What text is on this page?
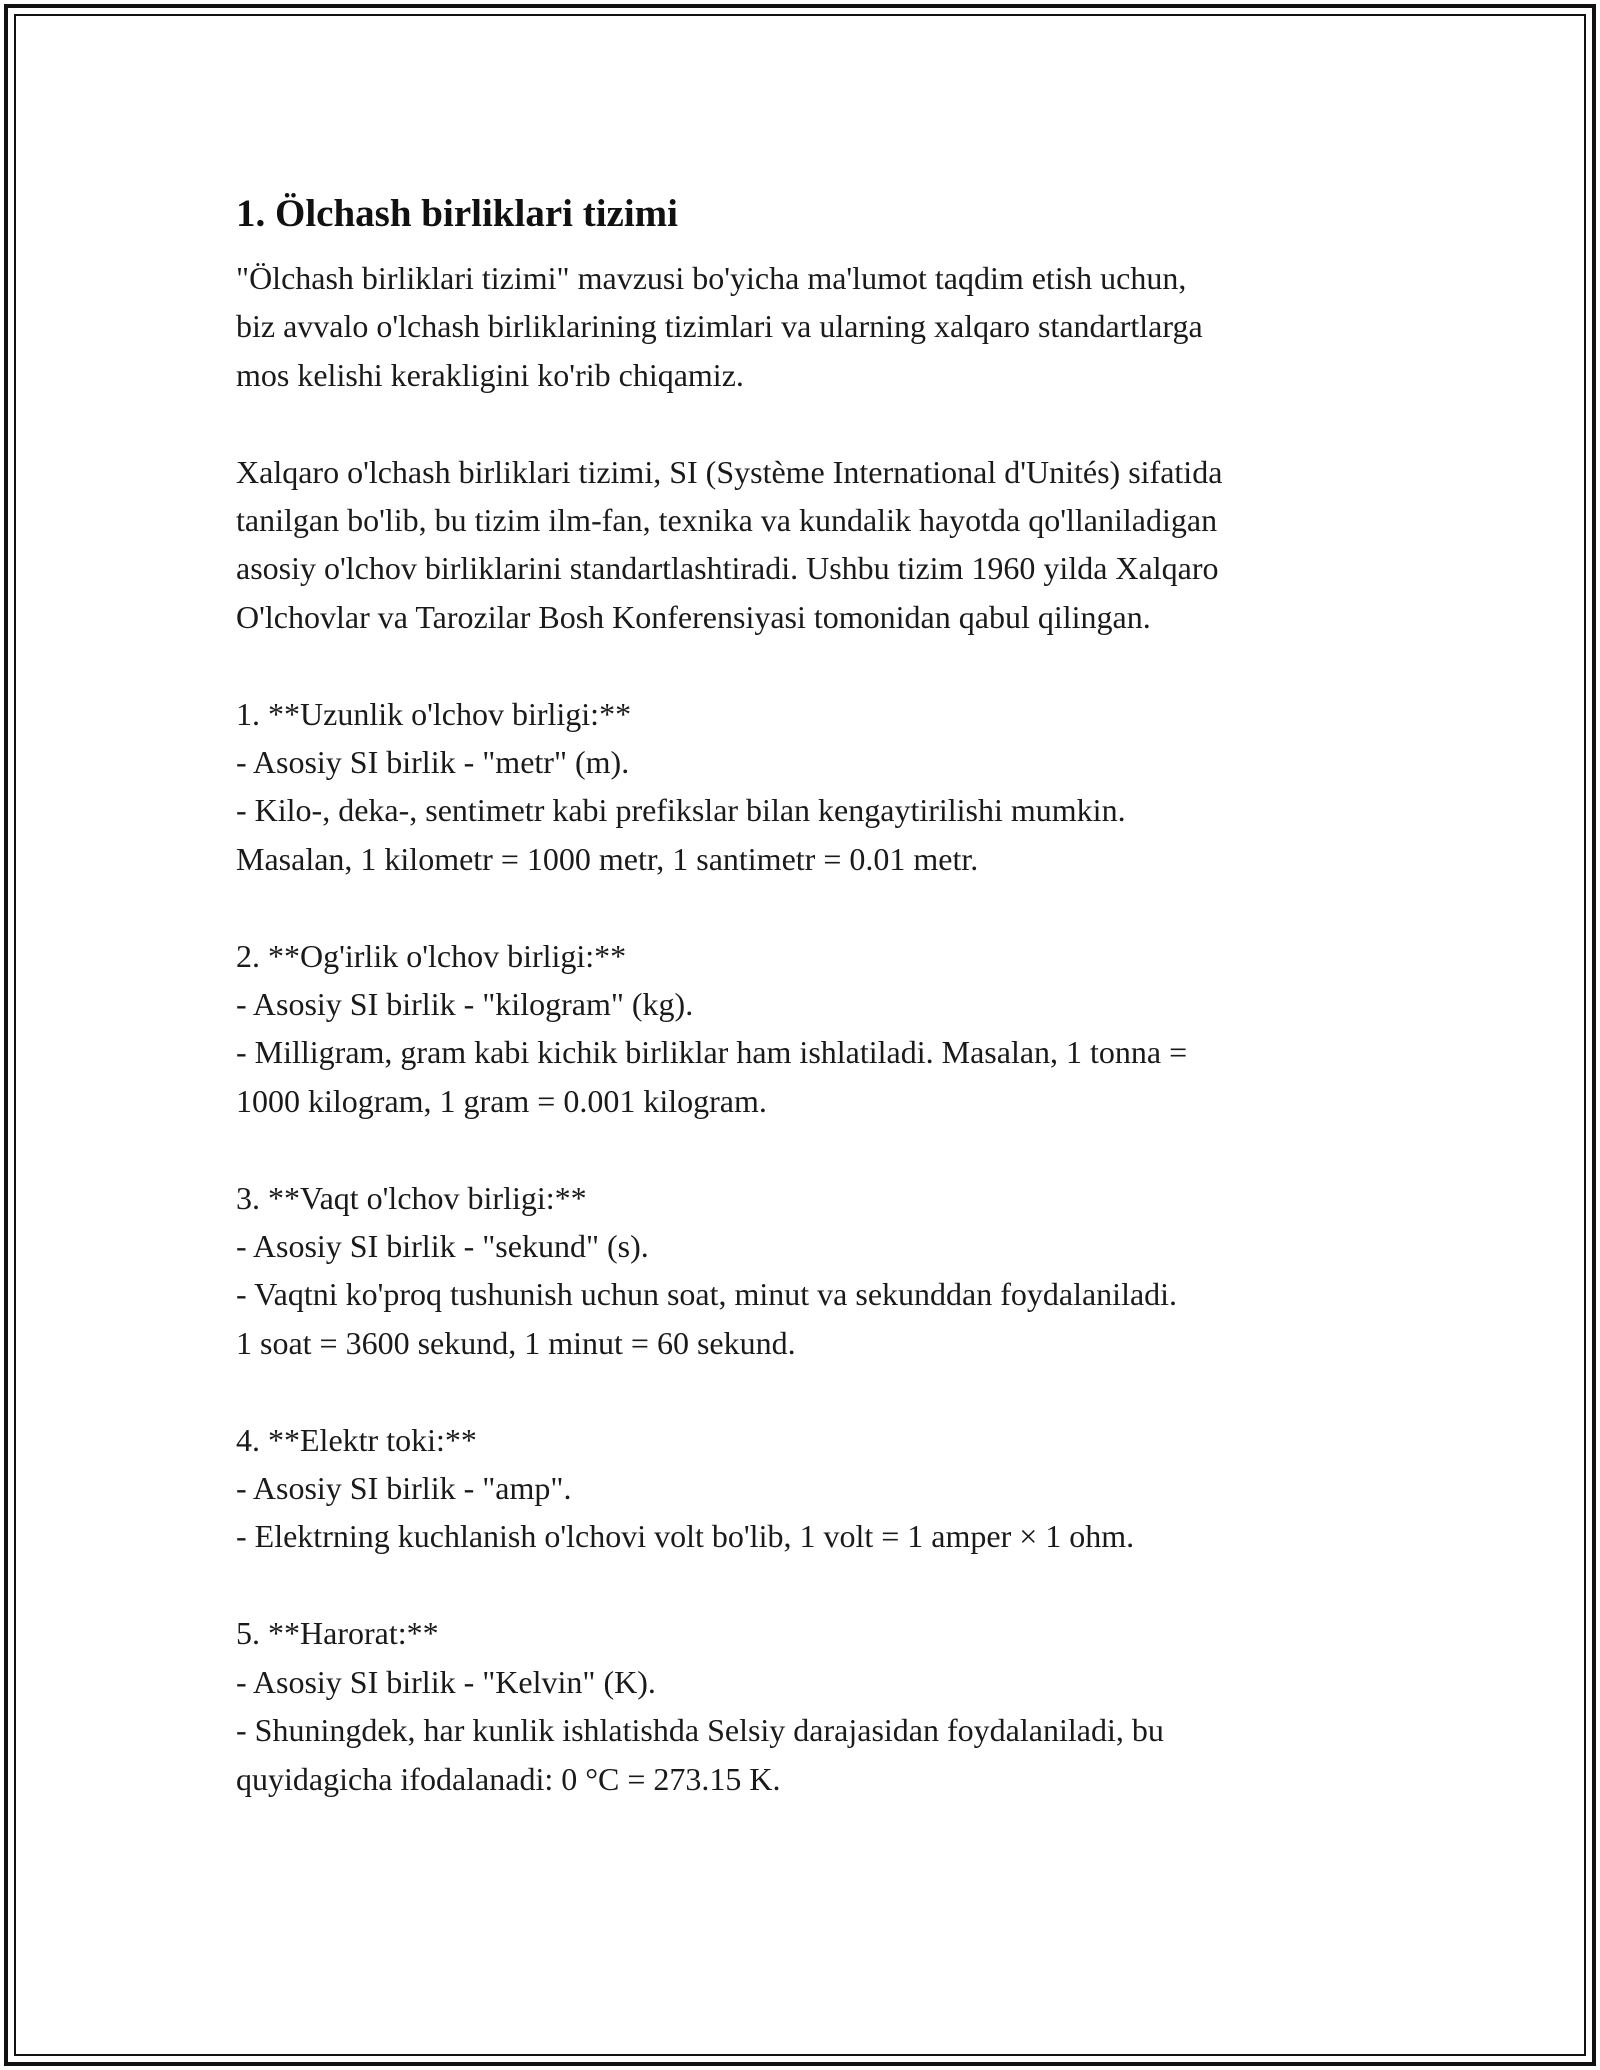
1. Ölchash birliklari tizimi

"Ölchash birliklari tizimi" mavzusi bo'yicha ma'lumot taqdim etish uchun,
biz avvalo o'lchash birliklarining tizimlari va ularning xalqaro standartlarga
mos kelishi kerakligini ko'rib chiqamiz.

Xalqaro o'lchash birliklari tizimi, SI (Système International d'Unités) sifatida
tanilgan bo'lib, bu tizim ilm-fan, texnika va kundalik hayotda qo'llaniladigan
asosiy o'lchov birliklarini standartlashtiradi. Ushbu tizim 1960 yilda Xalqaro
O'lchovlar va Tarozilar Bosh Konferensiyasi tomonidan qabul qilingan.

1. **Uzunlik o'lchov birligi:**
- Asosiy SI birlik - "metr" (m).
- Kilo-, deka-, sentimetr kabi prefikslar bilan kengaytirilishi mumkin.
Masalan, 1 kilometr = 1000 metr, 1 santimetr = 0.01 metr.

2. **Og'irlik o'lchov birligi:**
- Asosiy SI birlik - "kilogram" (kg).
- Milligram, gram kabi kichik birliklar ham ishlatiladi. Masalan, 1 tonna =
1000 kilogram, 1 gram = 0.001 kilogram.

3. **Vaqt o'lchov birligi:**
- Asosiy SI birlik - "sekund" (s).
- Vaqtni ko'proq tushunish uchun soat, minut va sekunddan foydalaniladi.
1 soat = 3600 sekund, 1 minut = 60 sekund.

4. **Elektr toki:**
- Asosiy SI birlik - "amp".
- Elektrning kuchlanish o'lchovi volt bo'lib, 1 volt = 1 amper × 1 ohm.

5. **Harorat:**
- Asosiy SI birlik - "Kelvin" (K).
- Shuningdek, har kunlik ishlatishda Selsiy darajasidan foydalaniladi, bu
quyidagicha ifodalanadi: 0 °C = 273.15 K.
